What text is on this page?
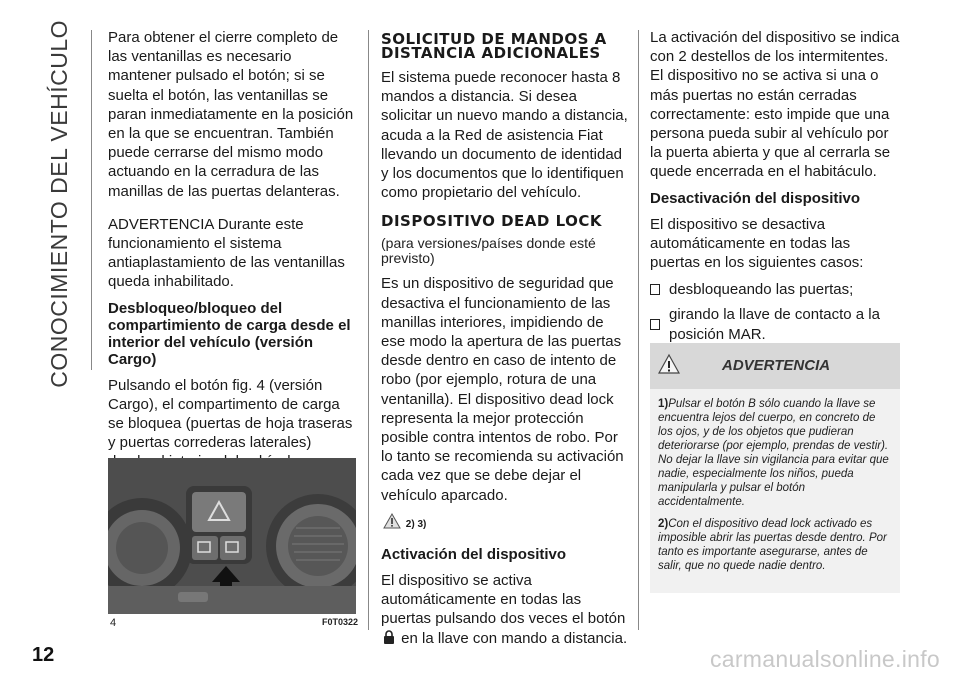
CONOCIMIENTO DEL VEHÍCULO Para obtener el cierre completo de las ventanillas es necesario mantener pulsado el botón; si se suelta el botón, las ventanillas se paran inmediatamente en la posición en la que se encuentran. También puede cerrarse del mismo modo actuando en la cerradura de las manillas de las puertas delanteras.

ADVERTENCIA Durante este funcionamiento el sistema antiaplastamiento de las ventanillas queda inhabilitado.

Desbloqueo/bloqueo del compartimiento de carga desde el interior del vehículo (versión Cargo)

Pulsando el botón fig. 4 (versión Cargo), el compartimento de carga se bloquea (puertas de hoja traseras y puertas correderas laterales)

4	F0T0322

SOLICITUD DE MANDOS A DISTANCIA ADICIONALES

El sistema puede reconocer hasta 8 mandos a distancia. Si desea solicitar un nuevo mando a distancia, acuda a la Red de asistencia Fiat llevando un documento de identidad y los documentos que lo identifiquen como propietario del vehículo.

DISPOSITIVO DEAD LOCK

(para versiones/países donde esté previsto)

Es un dispositivo de seguridad que desactiva el funcionamiento de las manillas interiores, impidiendo de ese modo la apertura de las puertas desde dentro en caso de intento de robo (por ejemplo, rotura de una ventanilla). El dispositivo dead lock representa la mejor protección posible contra intentos de robo. Por lo tanto se recomienda su activación cada vez que se debe dejar el vehículo aparcado.

2) 3)

Activación del dispositivo

El dispositivo se activa automáticamente en todas las puertas pulsando dos veces el botón  en la llave con mando a distancia.

La activación del dispositivo se indica con 2 destellos de los intermitentes. El dispositivo no se activa si una o más puertas no están cerradas correctamente: esto impide que una persona pueda subir al vehículo por la puerta abierta y que al cerrarla se quede encerrada en el habitáculo.

Desactivación del dispositivo

El dispositivo se desactiva automáticamente en todas las puertas en los siguientes casos:

desbloqueando las puertas;
girando la llave de contacto a la posición MAR.
ADVERTENCIA

1)Pulsar el botón B sólo cuando la llave se encuentra lejos del cuerpo, en concreto de los ojos, y de los objetos que pudieran deteriorarse (por ejemplo, prendas de vestir). No dejar la llave sin vigilancia para evitar que nadie, especialmente los niños, pueda manipularla y pulsar el botón accidentalmente.

2)Con el dispositivo dead lock activado es imposible abrir las puertas desde dentro. Por tanto es importante asegurarse, antes de salir, que no quede nadie dentro.

12	carmanualsonline.info
